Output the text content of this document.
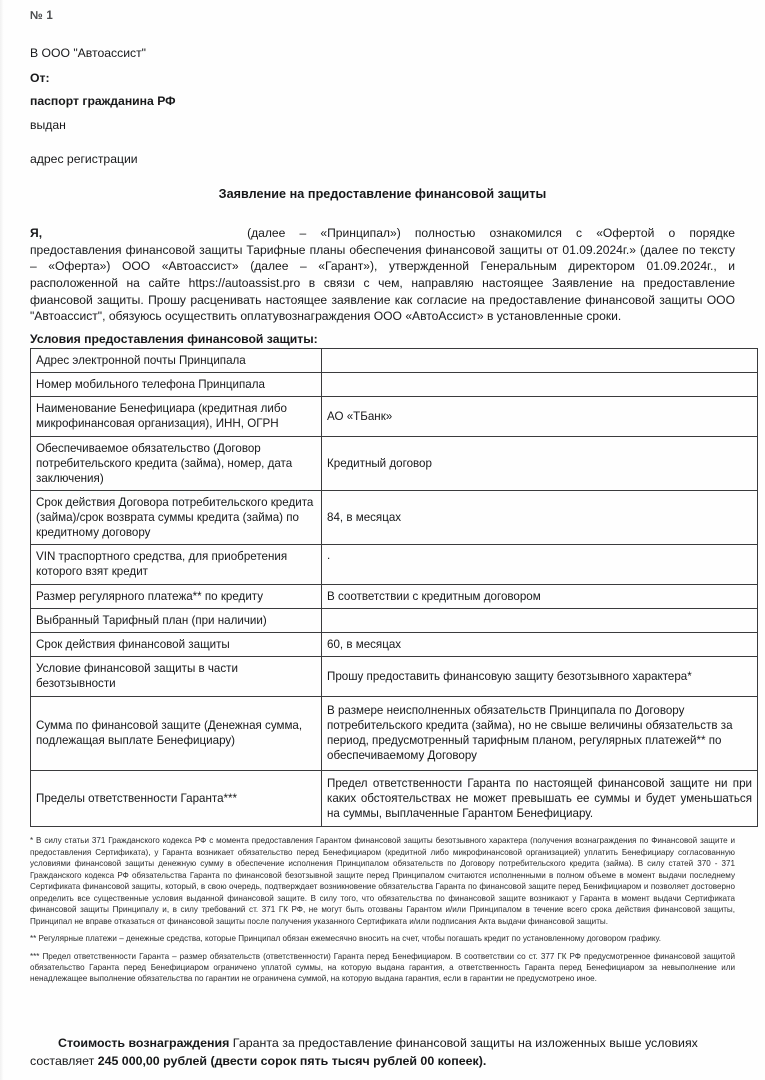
№ 1
В ООО "Автоассист"
От:
паспорт гражданина РФ
выдан
адрес регистрации
Заявление на предоставление финансовой защиты
Я,	(далее – «Принципал») полностью ознакомился с «Офертой о порядке предоставления финансовой защиты Тарифные планы обеспечения финансовой защиты от 01.09.2024г.» (далее по тексту – «Оферта») ООО «Автоассист» (далее – «Гарант»), утвержденной Генеральным директором 01.09.2024г., и расположенной на сайте https://autoassist.pro в связи с чем, направляю настоящее Заявление на предоставление фиансовой защиты. Прошу расценивать настоящее заявление как согласие на предоставление финансовой защиты ООО "Автоассист", обязуюсь осуществить оплатувознаграждения ООО «АвтоАссист» в установленные сроки.
Условия предоставления финансовой защиты:
Адрес электронной почты Принципала	
Номер мобильного телефона Принципала	
Наименование Бенефициара (кредитная либо микрофинансовая организация), ИНН, ОГРН	АО «ТБанк»
Обеспечиваемое обязательство (Договор потребительского кредита (займа), номер, дата заключения)	Кредитный договор
Срок действия Договора потребительского кредита (займа)/срок возврата суммы кредита (займа) по кредитному договору	84, в месяцах
VIN траспортного средства, для приобретения которого взят кредит	.
Размер регулярного платежа** по кредиту	В соответствии с кредитным договором
Выбранный Тарифный план (при наличии)	
Срок действия финансовой защиты	60, в месяцах
Условие финансовой защиты в части безотзывности	Прошу предоставить финансовую защиту безотзывного характера*
Сумма по финансовой защите (Денежная сумма, подлежащая выплате Бенефициару)	В размере неисполненных обязательств Принципала по Договору потребительского кредита (займа), но не свыше величины обязательств за период, предусмотренный тарифным планом, регулярных платежей** по обеспечиваемому Договору
Пределы ответственности Гаранта***	Предел ответственности Гаранта по настоящей финансовой защите ни при каких обстоятельствах не может превышать ее суммы и будет уменьшаться на суммы, выплаченные Гарантом Бенефициару.

* В силу статьи 371 Гражданского кодекса РФ с момента предоставления Гарантом финансовой защиты безотзывного характера (получения вознаграждения по Финансовой защите и предоставления Сертификата), у Гаранта возникает обязательство перед Бенефициаром (кредитной либо микрофинансовой организацией) уплатить Бенефициару согласованную условиями финансовой защиты денежную сумму в обеспечение исполнения Принципалом обязательств по Договору потребительского кредита (займа). В силу статей 370 - 371 Гражданского кодекса РФ обязательства Гаранта по финансовой безотзывной защите перед Принципалом считаются исполненными в полном объеме в момент выдачи последнему Сертификата финансовой защиты, который, в свою очередь, подтверждает возникновение обязательства Гаранта по финансовой защите перед Бенифициаром и позволяет достоверно определить все существенные условия выданной финансовой защите. В силу того, что обязательства по финансовой защите возникают у Гаранта в момент выдачи Сертификата финансовой защиты Принципалу и, в силу требований ст. 371 ГК РФ, не могут быть отозваны Гарантом и/или Принципалом в течение всего срока действия финансовой защиты, Принципал не вправе отказаться от финансовой защиты после получения указанного Сертификата и/или подписания Акта выдачи финансовой защиты.

** Регулярные платежи – денежные средства, которые Принципал обязан ежемесячно вносить на счет, чтобы погашать кредит по установленному договором графику.

*** Предел ответственности Гаранта – размер обязательств (ответственности) Гаранта перед Бенефициаром. В соответствии со ст. 377 ГК РФ предусмотренное финансовой защитой обязательство Гаранта перед Бенефициаром ограничено уплатой суммы, на которую выдана гарантия, а ответственность Гаранта перед Бенефициаром за невыполнение или ненадлежащее выполнение обязательства по гарантии не ограничена суммой, на которую выдана гарантия, если в гарантии не предусмотрено иное.

Стоимость вознаграждения Гаранта за предоставление финансовой защиты на изложенных выше условиях составляет 245 000,00 рублей (двести сорок пять тысяч рублей 00 копеек).
